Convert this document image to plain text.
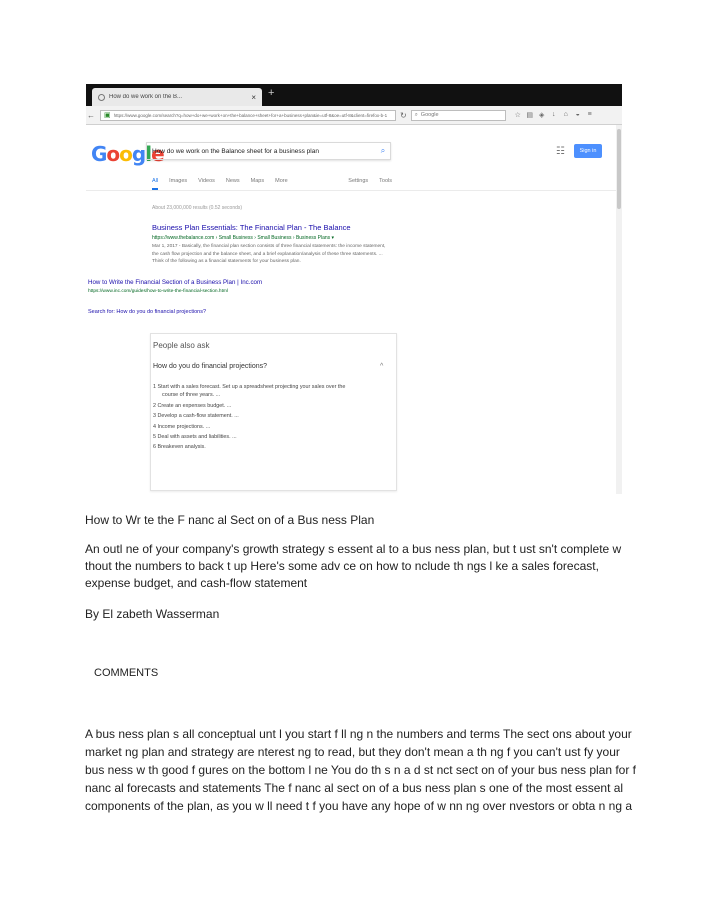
How do we work on the B...	× +
← ▣ https://www.google.com/search?q=how+do+we+work+on+the+balance+sheet+for+a+business+plan&ie=utf-8&oe=utf-8&client=firefox-b-1 ↻ ⌕ Google	☆ ▤ ◈	↓	⌂	◒	≡
Google
How do we work on the Balance sheet for a business plan	⌕	☷	Sign in
All Images Videos News Maps More	Settings Tools
About 23,000,000 results (0.52 seconds)
Business Plan Essentials: The Financial Plan - The Balance
https://www.thebalance.com › Small Business › Small Business › Business Plans ▾
Mar 1, 2017 - Basically, the financial plan section consists of three financial statements: the income statement, the cash flow projection and the balance sheet, and a brief explanation/analysis of these three statements. ... Think of the following as a financial statements for your business plan.
People also ask
How do you do financial projections?	^
1 Start with a sales forecast. Set up a spreadsheet projecting your sales over the
course of three years. ...
2 Create an expenses budget. ...
3 Develop a cash-flow statement. ...
4 Income projections. ...
5 Deal with assets and liabilities. ...
6 Breakeven analysis.
How to Write the Financial Section of a Business Plan | Inc.com
https://www.inc.com/guides/how-to-write-the-financial-section.html
Search for: How do you do financial projections?

How to Wr te the F nanc al Sect on of a Bus ness Plan

An outl ne of your company's growth strategy s essent al to a bus ness plan, but t ust sn't complete w thout the numbers to back t up Here's some adv ce on how to nclude th ngs l ke a sales forecast, expense budget, and cash-flow statement

By El zabeth Wasserman

COMMENTS

A bus ness plan s all conceptual unt l you start f ll ng n the numbers and terms The sect ons about your market ng plan and strategy are nterest ng to read, but they don't mean a th ng f you can't ust fy your bus ness w th good f gures on the bottom l ne You do th s n a d st nct sect on of your bus ness plan for f nanc al forecasts and statements The f nanc al sect on of a bus ness plan s one of the most essent al components of the plan, as you w ll need t f you have any hope of w nn ng over nvestors or obta n ng a
